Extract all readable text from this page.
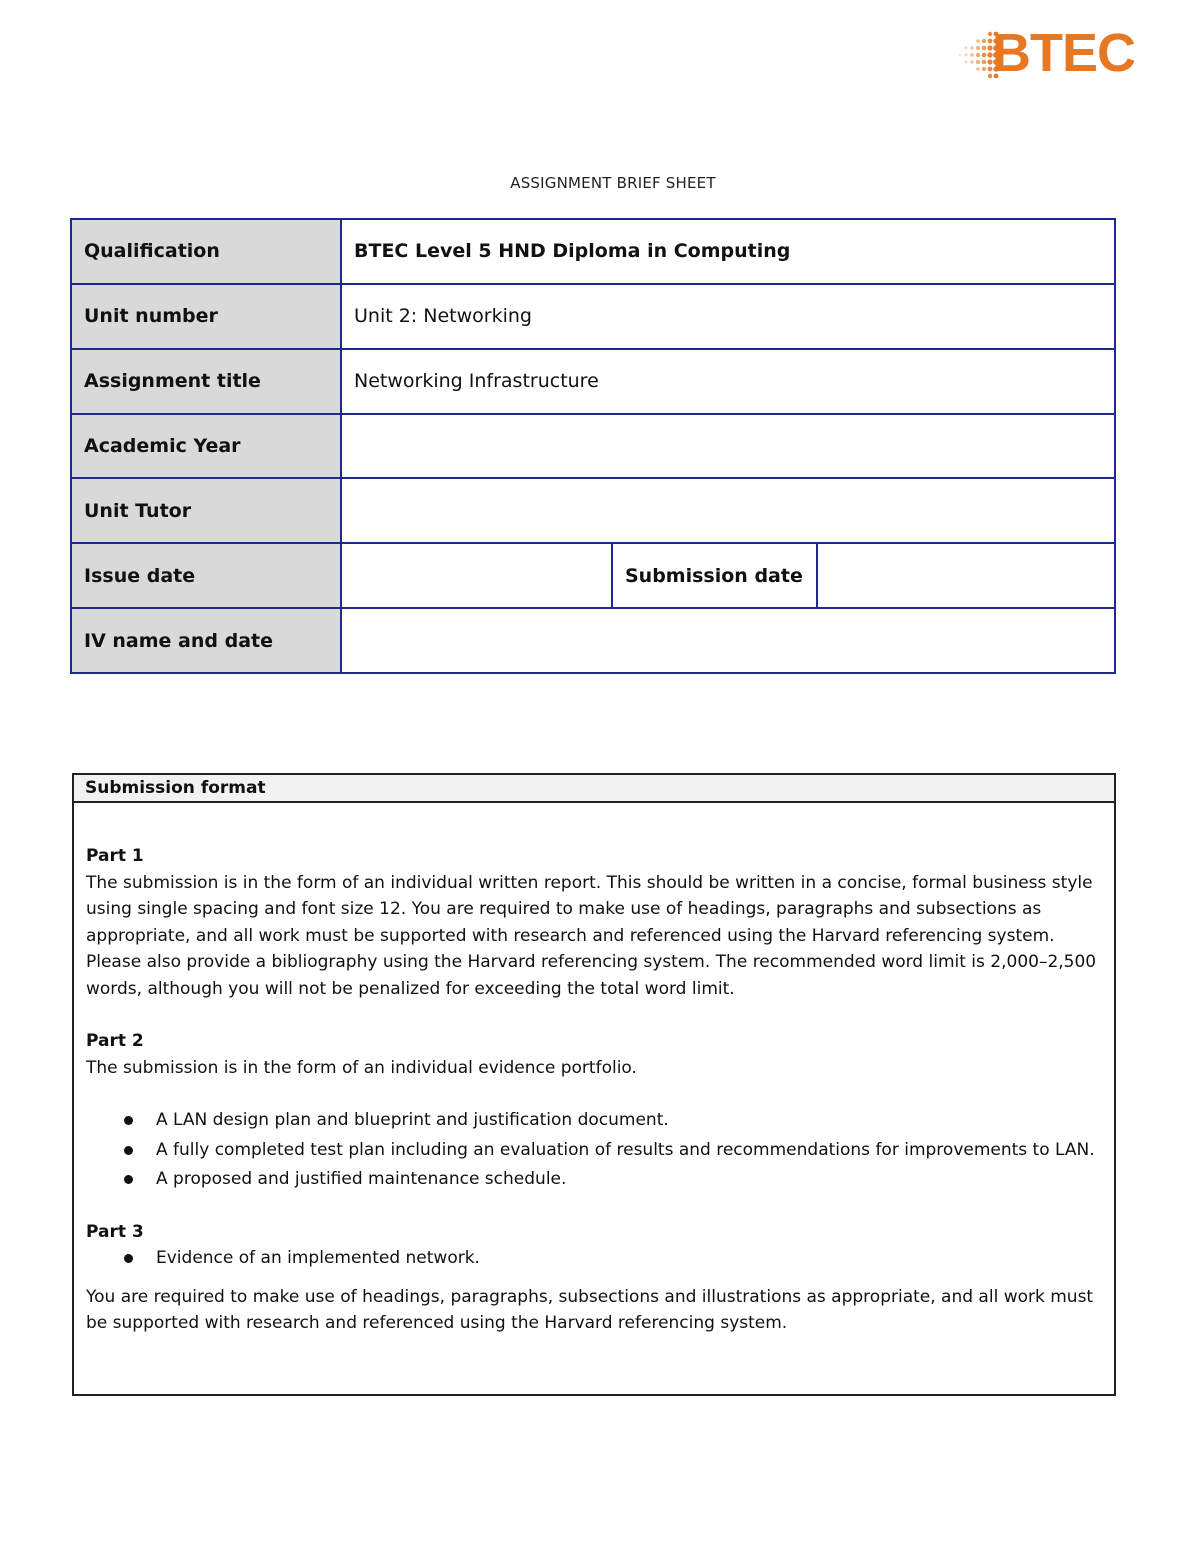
BTEC
ASSIGNMENT BRIEF SHEET
Qualification	BTEC Level 5 HND Diploma in Computing		
Unit number	Unit 2: Networking		
Assignment title	Networking Infrastructure		
Academic Year			
Unit Tutor			
Issue date		Submission date	
IV name and date			
Submission format

Part 1

The submission is in the form of an individual written report. This should be written in a concise, formal business style using single spacing and font size 12. You are required to make use of headings, paragraphs and subsections as appropriate, and all work must be supported with research and referenced using the Harvard referencing system. Please also provide a bibliography using the Harvard referencing system. The recommended word limit is 2,000–2,500 words, although you will not be penalized for exceeding the total word limit.

Part 2

The submission is in the form of an individual evidence portfolio.

A LAN design plan and blueprint and justification document.
A fully completed test plan including an evaluation of results and recommendations for improvements to LAN.
A proposed and justified maintenance schedule.

Part 3

Evidence of an implemented network.

You are required to make use of headings, paragraphs, subsections and illustrations as appropriate, and all work must be supported with research and referenced using the Harvard referencing system.
